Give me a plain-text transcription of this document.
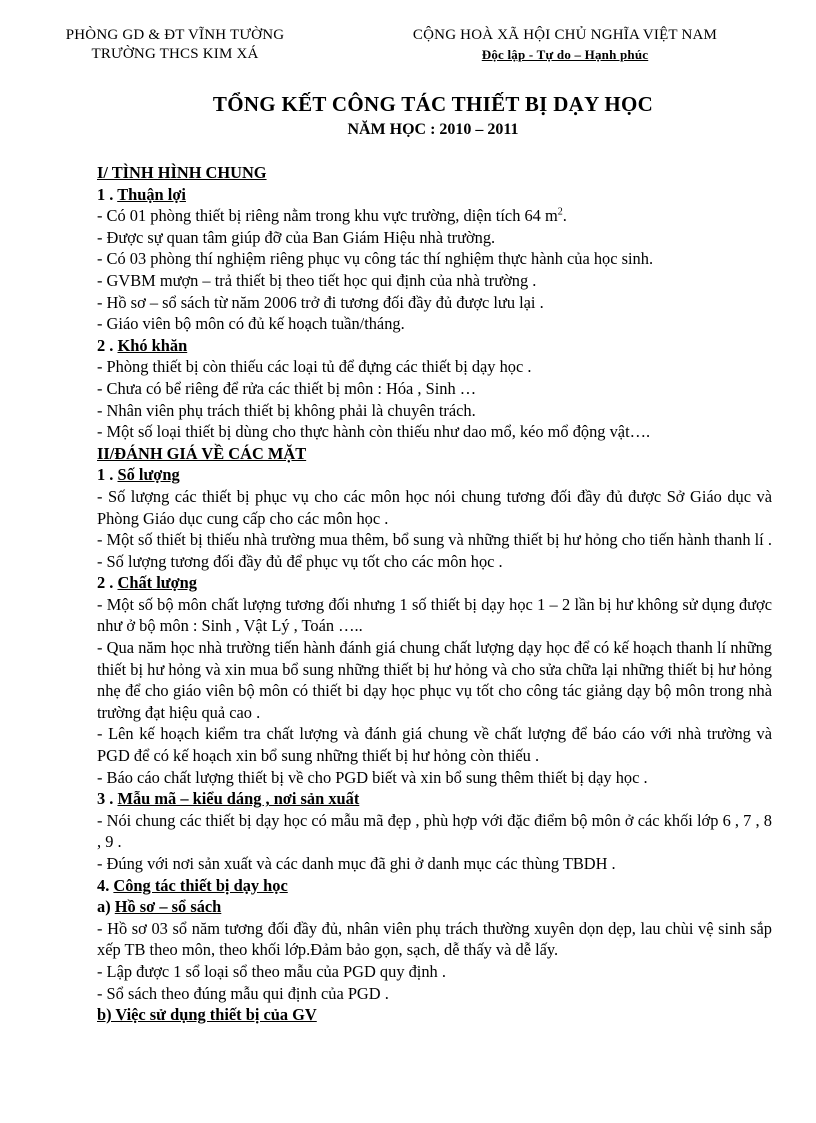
PHÒNG GD & ĐT VĨNH TƯỜNG
TRƯỜNG THCS KIM XÁ
CỘNG HOÀ XÃ HỘI CHỦ NGHĨA VIỆT NAM
Độc lập - Tự do – Hạnh phúc
TỔNG KẾT CÔNG TÁC THIẾT BỊ DẠY HỌC
NĂM HỌC : 2010 – 2011

I/ TÌNH HÌNH CHUNG

1 . Thuận lợi

- Có 01 phòng thiết bị riêng nằm trong khu vực trường, diện tích 64 $m^2$.

- Được sự quan tâm giúp đỡ của Ban Giám Hiệu nhà trường.

- Có 03 phòng thí nghiệm riêng phục vụ công tác thí nghiệm thực hành của học sinh.

- GVBM mượn – trả thiết bị theo tiết học qui định của nhà trường .

- Hồ sơ – sổ sách từ năm 2006 trở đi tương đối đầy đủ được lưu lại .

- Giáo viên bộ môn có đủ kế hoạch tuần/tháng.

2 . Khó khăn

- Phòng thiết bị còn thiếu các loại tủ để đựng các thiết bị dạy học .

- Chưa có bể riêng để rửa các thiết bị môn : Hóa , Sinh …

- Nhân viên phụ trách thiết bị không phải là chuyên trách.

- Một số loại thiết bị dùng cho thực hành còn thiếu như dao mổ, kéo mổ động vật….

II/ĐÁNH GIÁ VỀ CÁC MẶT

1 . Số lượng

- Số lượng các thiết bị phục vụ cho các môn học nói chung tương đối đầy đủ được Sở Giáo dục và Phòng Giáo dục cung cấp cho các môn học .

- Một số thiết bị thiếu nhà trường mua thêm, bổ sung và những thiết bị hư hỏng cho tiến hành thanh lí .

- Số lượng tương đối đầy đủ để phục vụ tốt cho các môn học .

2 . Chất lượng

- Một số bộ môn chất lượng tương đối nhưng 1 số thiết bị dạy học 1 – 2 lần bị hư không sử dụng được như ở bộ môn : Sinh , Vật Lý , Toán …..

- Qua năm học nhà trường tiến hành đánh giá chung chất lượng dạy học để có kế hoạch thanh lí những thiết bị hư hỏng và xin mua bổ sung những thiết bị hư hỏng và cho sửa chữa lại những thiết bị hư hỏng nhẹ để cho giáo viên bộ môn có thiết bi dạy học phục vụ tốt cho công tác giảng dạy bộ môn trong nhà trường đạt hiệu quả cao .

- Lên kế hoạch kiểm tra chất lượng và đánh giá chung về chất lượng để báo cáo với nhà trường và PGD để có kế hoạch xin bổ sung những thiết bị hư hỏng còn thiếu .

- Báo cáo chất lượng thiết bị về cho PGD biết và xin bổ sung thêm thiết bị dạy học .

3 . Mẫu mã – kiểu dáng , nơi sản xuất

- Nói chung các thiết bị dạy học có mẫu mã đẹp , phù hợp với đặc điểm bộ môn ở các khối lớp 6 , 7 , 8 , 9 .

- Đúng với nơi sản xuất và các danh mục đã ghi ở danh mục các thùng TBDH .

4. Công tác thiết bị dạy học

a) Hồ sơ – sổ sách

- Hồ sơ 03 sổ năm tương đối đầy đủ, nhân viên phụ trách thường xuyên dọn dẹp, lau chùi vệ sinh sắp xếp TB theo môn, theo khối lớp.Đảm bảo gọn, sạch, dễ thấy và dễ lấy.

- Lập được 1 sổ loại sổ theo mẫu của PGD quy định .

- Sổ sách theo đúng mẫu qui định của PGD .

b) Việc sử dụng thiết bị của GV
